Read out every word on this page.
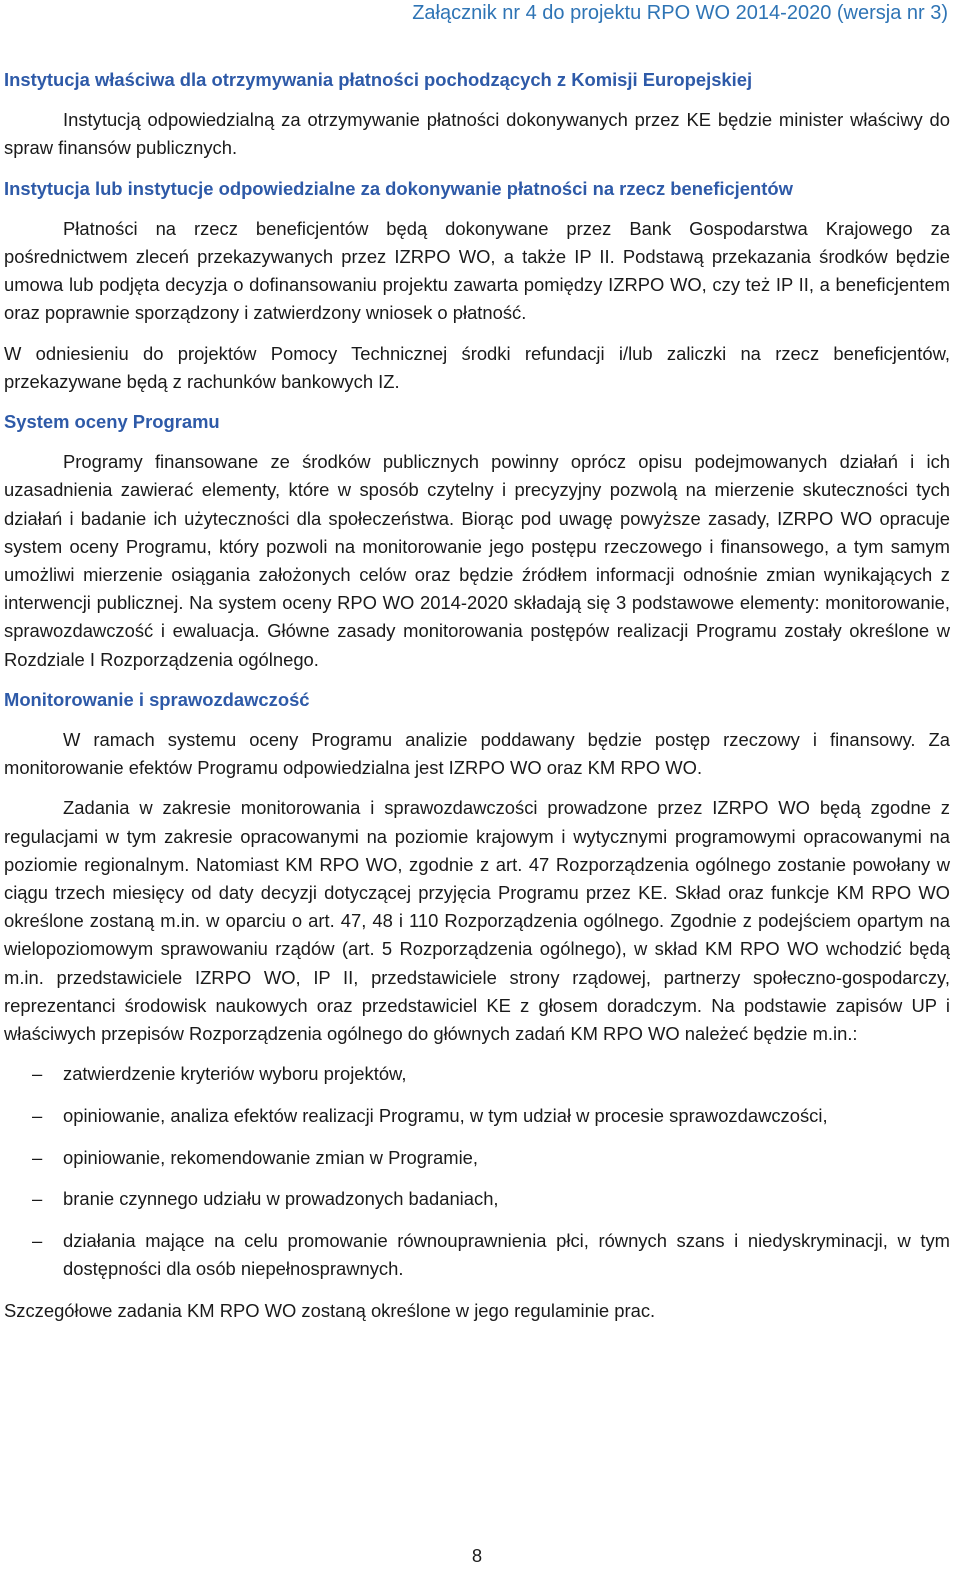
Załącznik nr 4 do projektu RPO WO 2014-2020 (wersja nr 3)
Instytucja właściwa dla otrzymywania płatności pochodzących z Komisji Europejskiej

Instytucją odpowiedzialną za otrzymywanie płatności dokonywanych przez KE będzie minister właściwy do spraw finansów publicznych.

Instytucja lub instytucje odpowiedzialne za dokonywanie płatności na rzecz beneficjentów

Płatności na rzecz beneficjentów będą dokonywane przez Bank Gospodarstwa Krajowego za pośrednictwem zleceń przekazywanych przez IZRPO WO, a także IP II. Podstawą przekazania środków będzie umowa lub podjęta decyzja o dofinansowaniu projektu zawarta pomiędzy IZRPO WO, czy też IP II, a beneficjentem oraz poprawnie sporządzony i zatwierdzony wniosek o płatność.

W odniesieniu do projektów Pomocy Technicznej środki refundacji i/lub zaliczki na rzecz beneficjentów, przekazywane będą z rachunków bankowych IZ.

System oceny Programu

Programy finansowane ze środków publicznych powinny oprócz opisu podejmowanych działań i ich uzasadnienia zawierać elementy, które w sposób czytelny i precyzyjny pozwolą na mierzenie skuteczności tych działań i badanie ich użyteczności dla społeczeństwa. Biorąc pod uwagę powyższe zasady, IZRPO WO opracuje system oceny Programu, który pozwoli na monitorowanie jego postępu rzeczowego i finansowego, a tym samym umożliwi mierzenie osiągania założonych celów oraz będzie źródłem informacji odnośnie zmian wynikających z interwencji publicznej. Na system oceny RPO WO 2014-2020 składają się 3 podstawowe elementy: monitorowanie, sprawozdawczość i ewaluacja. Główne zasady monitorowania postępów realizacji Programu zostały określone w Rozdziale I Rozporządzenia ogólnego.

Monitorowanie i sprawozdawczość

W ramach systemu oceny Programu analizie poddawany będzie postęp rzeczowy i finansowy. Za monitorowanie efektów Programu odpowiedzialna jest IZRPO WO oraz KM RPO WO.

Zadania w zakresie monitorowania i sprawozdawczości prowadzone przez IZRPO WO będą zgodne z regulacjami w tym zakresie opracowanymi na poziomie krajowym i wytycznymi programowymi opracowanymi na poziomie regionalnym. Natomiast KM RPO WO, zgodnie z art. 47 Rozporządzenia ogólnego zostanie powołany w ciągu trzech miesięcy od daty decyzji dotyczącej przyjęcia Programu przez KE. Skład oraz funkcje KM RPO WO określone zostaną m.in. w oparciu o art. 47, 48 i 110 Rozporządzenia ogólnego. Zgodnie z podejściem opartym na wielopoziomowym sprawowaniu rządów (art. 5 Rozporządzenia ogólnego), w skład KM RPO WO wchodzić będą m.in. przedstawiciele IZRPO WO, IP II, przedstawiciele strony rządowej, partnerzy społeczno-gospodarczy, reprezentanci środowisk naukowych oraz przedstawiciel KE z głosem doradczym. Na podstawie zapisów UP i właściwych przepisów Rozporządzenia ogólnego do głównych zadań KM RPO WO należeć będzie m.in.:

– zatwierdzenie kryteriów wyboru projektów,
– opiniowanie, analiza efektów realizacji Programu, w tym udział w procesie sprawozdawczości,
– opiniowanie, rekomendowanie zmian w Programie,
– branie czynnego udziału w prowadzonych badaniach,
– działania mające na celu promowanie równouprawnienia płci, równych szans i niedyskryminacji, w tym dostępności dla osób niepełnosprawnych.

Szczegółowe zadania KM RPO WO zostaną określone w jego regulaminie prac.

8
